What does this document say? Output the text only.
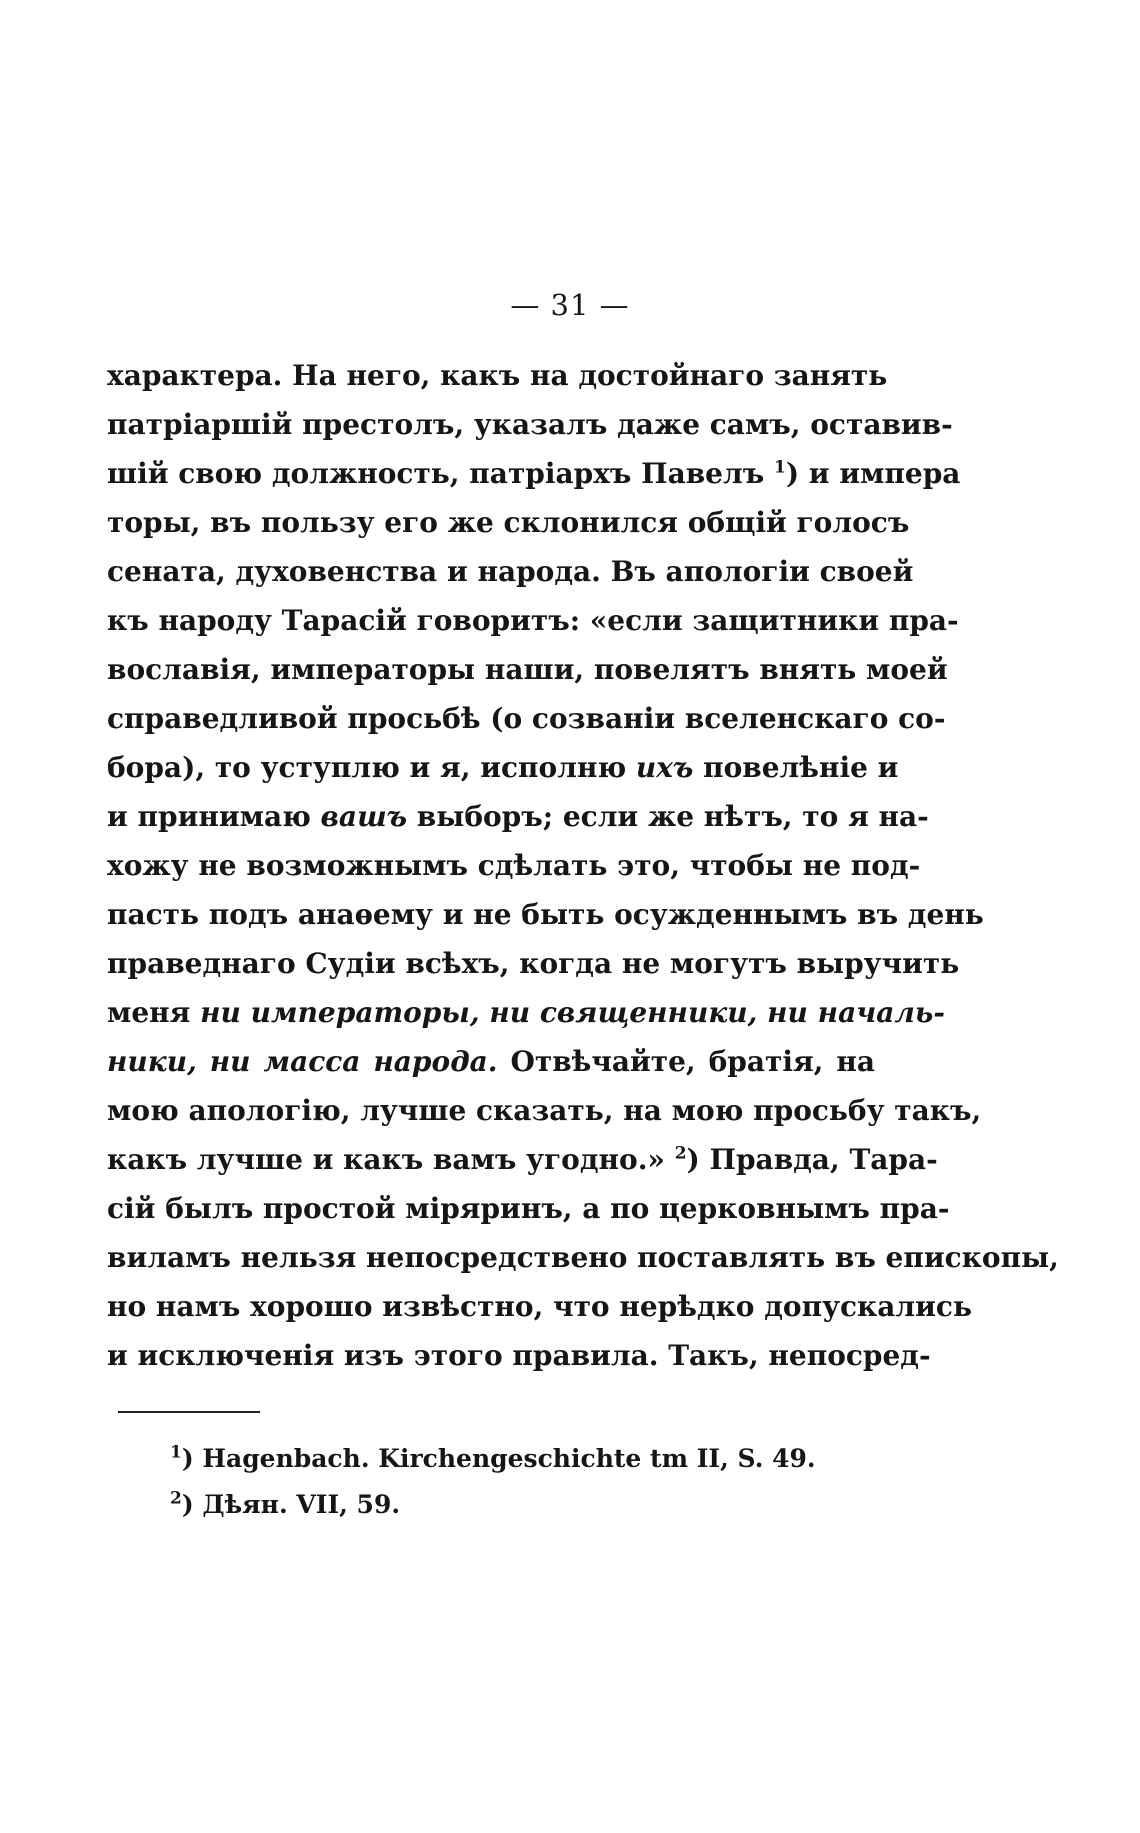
— 31 —
характера. На него, какъ на достойнаго занять
патріаршій престолъ, указалъ даже самъ, оставив-
шій свою должность, патріархъ Павелъ $^1$) и импера
торы, въ пользу его же склонился общій голосъ
сената, духовенства и народа. Въ апологіи своей
къ народу Тарасій говоритъ: «если защитники пра-
вославія, императоры наши, повелятъ внять моей
справедливой просьбѣ (о созваніи вселенскаго со-
бора), то уступлю и я, исполню ихъ повелѣніе и
и принимаю вашъ выборъ; если же нѣтъ, то я на-
хожу не возможнымъ сдѣлать это, чтобы не под-
пасть подъ анаѳему и не быть осужденнымъ въ день
праведнаго Судіи всѣхъ, когда не могутъ выручить
меня ни императоры, ни священники, ни началь-
ники, ни масса народа. Отвѣчайте, братія, на
мою апологію, лучше сказать, на мою просьбу такъ,
какъ лучше и какъ вамъ угодно.» $^2$) Правда, Тара-
сій былъ простой міряринъ, а по церковнымъ пра-
виламъ нельзя непосредствено поставлять въ епископы,
но намъ хорошо извѣстно, что нерѣдко допускались
и исключенія изъ этого правила. Такъ, непосред-
$^1$) Hagenbach. Kirchengeschichte tm II, S. 49.
$^2$) Дѣян. VII, 59.
